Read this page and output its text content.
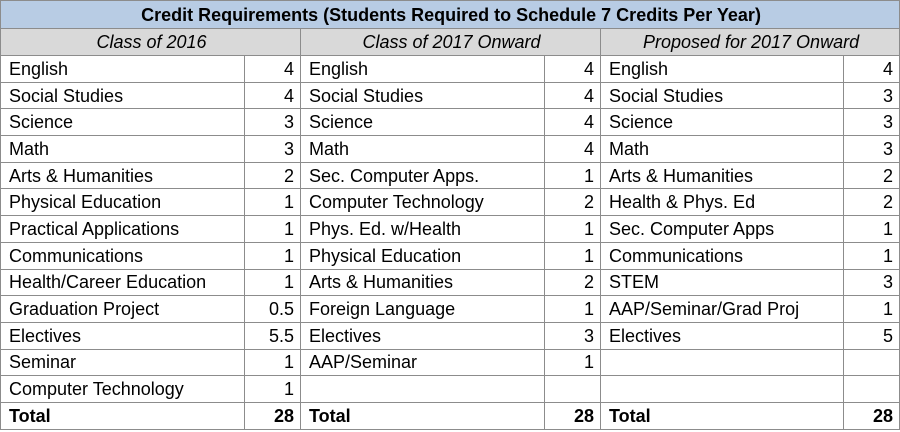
Credit Requirements (Students Required to Schedule 7 Credits Per Year)					
Class of 2016		Class of 2017 Onward		Proposed for 2017 Onward	
English	4	English	4	English	4
Social Studies	4	Social Studies	4	Social Studies	3
Science	3	Science	4	Science	3
Math	3	Math	4	Math	3
Arts & Humanities	2	Sec. Computer Apps.	1	Arts & Humanities	2
Physical Education	1	Computer Technology	2	Health & Phys. Ed	2
Practical Applications	1	Phys. Ed. w/Health	1	Sec. Computer Apps	1
Communications	1	Physical Education	1	Communications	1
Health/Career Education	1	Arts & Humanities	2	STEM	3
Graduation Project	0.5	Foreign Language	1	AAP/Seminar/Grad Proj	1
Electives	5.5	Electives	3	Electives	5
Seminar	1	AAP/Seminar	1		
Computer Technology	1				
Total	28	Total	28	Total	28
